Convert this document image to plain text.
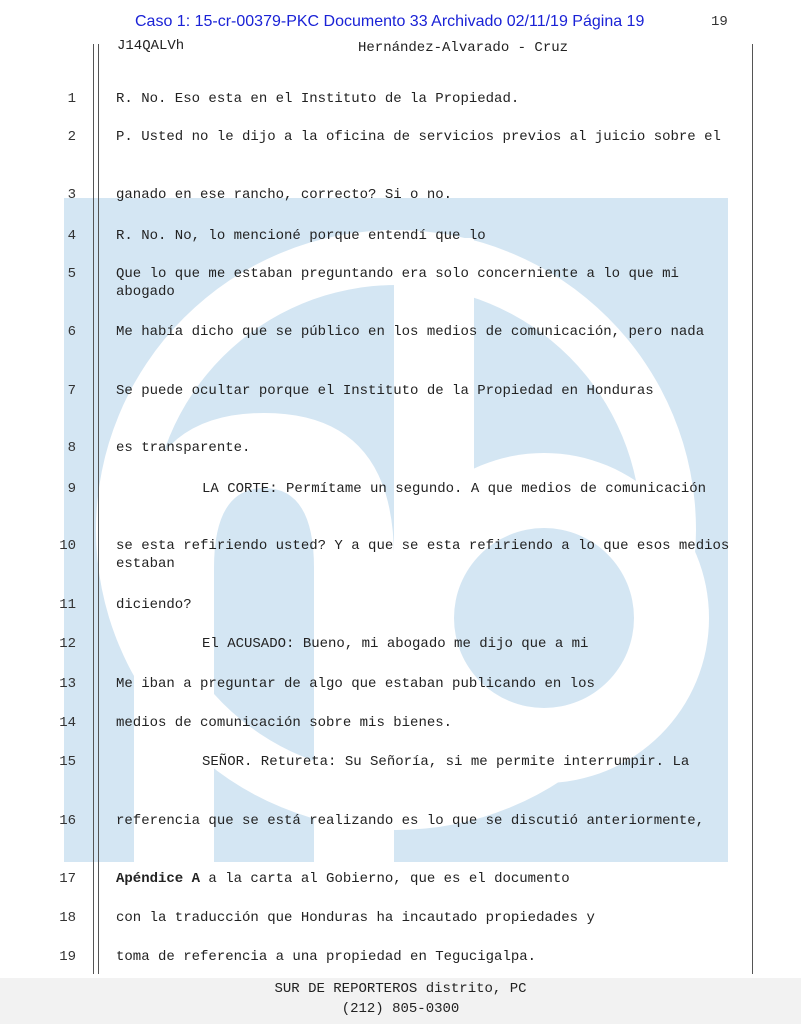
Caso 1: 15-cr-00379-PKC Documento 33 Archivado 02/11/19 Página 19	19
J14QALVh	Hernández-Alvarado - Cruz
1	R. No. Eso esta en el Instituto de la Propiedad.
2	P. Usted no le dijo a la oficina de servicios previos al juicio sobre el
3	ganado en ese rancho, correcto? Si o no.
4	R. No. No, lo mencioné porque entendí que lo
5	Que lo que me estaban preguntando era solo concerniente a lo que mi abogado
6	Me había dicho que se público en los medios de comunicación, pero nada
7	Se puede ocultar porque el Instituto de la Propiedad en Honduras
8	es transparente.
9	LA CORTE: Permítame un segundo. A que medios de comunicación
10	se esta refiriendo usted? Y a que se esta refiriendo a lo que esos medios estaban
11	diciendo?
12	El ACUSADO: Bueno, mi abogado me dijo que a mi
13	Me iban a preguntar de algo que estaban publicando en los
14	medios de comunicación sobre mis bienes.
15	SEÑOR. Retureta: Su Señoría, si me permite interrumpir. La
16	referencia que se está realizando es lo que se discutió anteriormente,
17	Apéndice A a la carta al Gobierno, que es el documento
18	con la traducción que Honduras ha incautado propiedades y
19	toma de referencia a una propiedad en Tegucigalpa.
SUR DE REPORTEROS distrito, PC
(212) 805-0300
